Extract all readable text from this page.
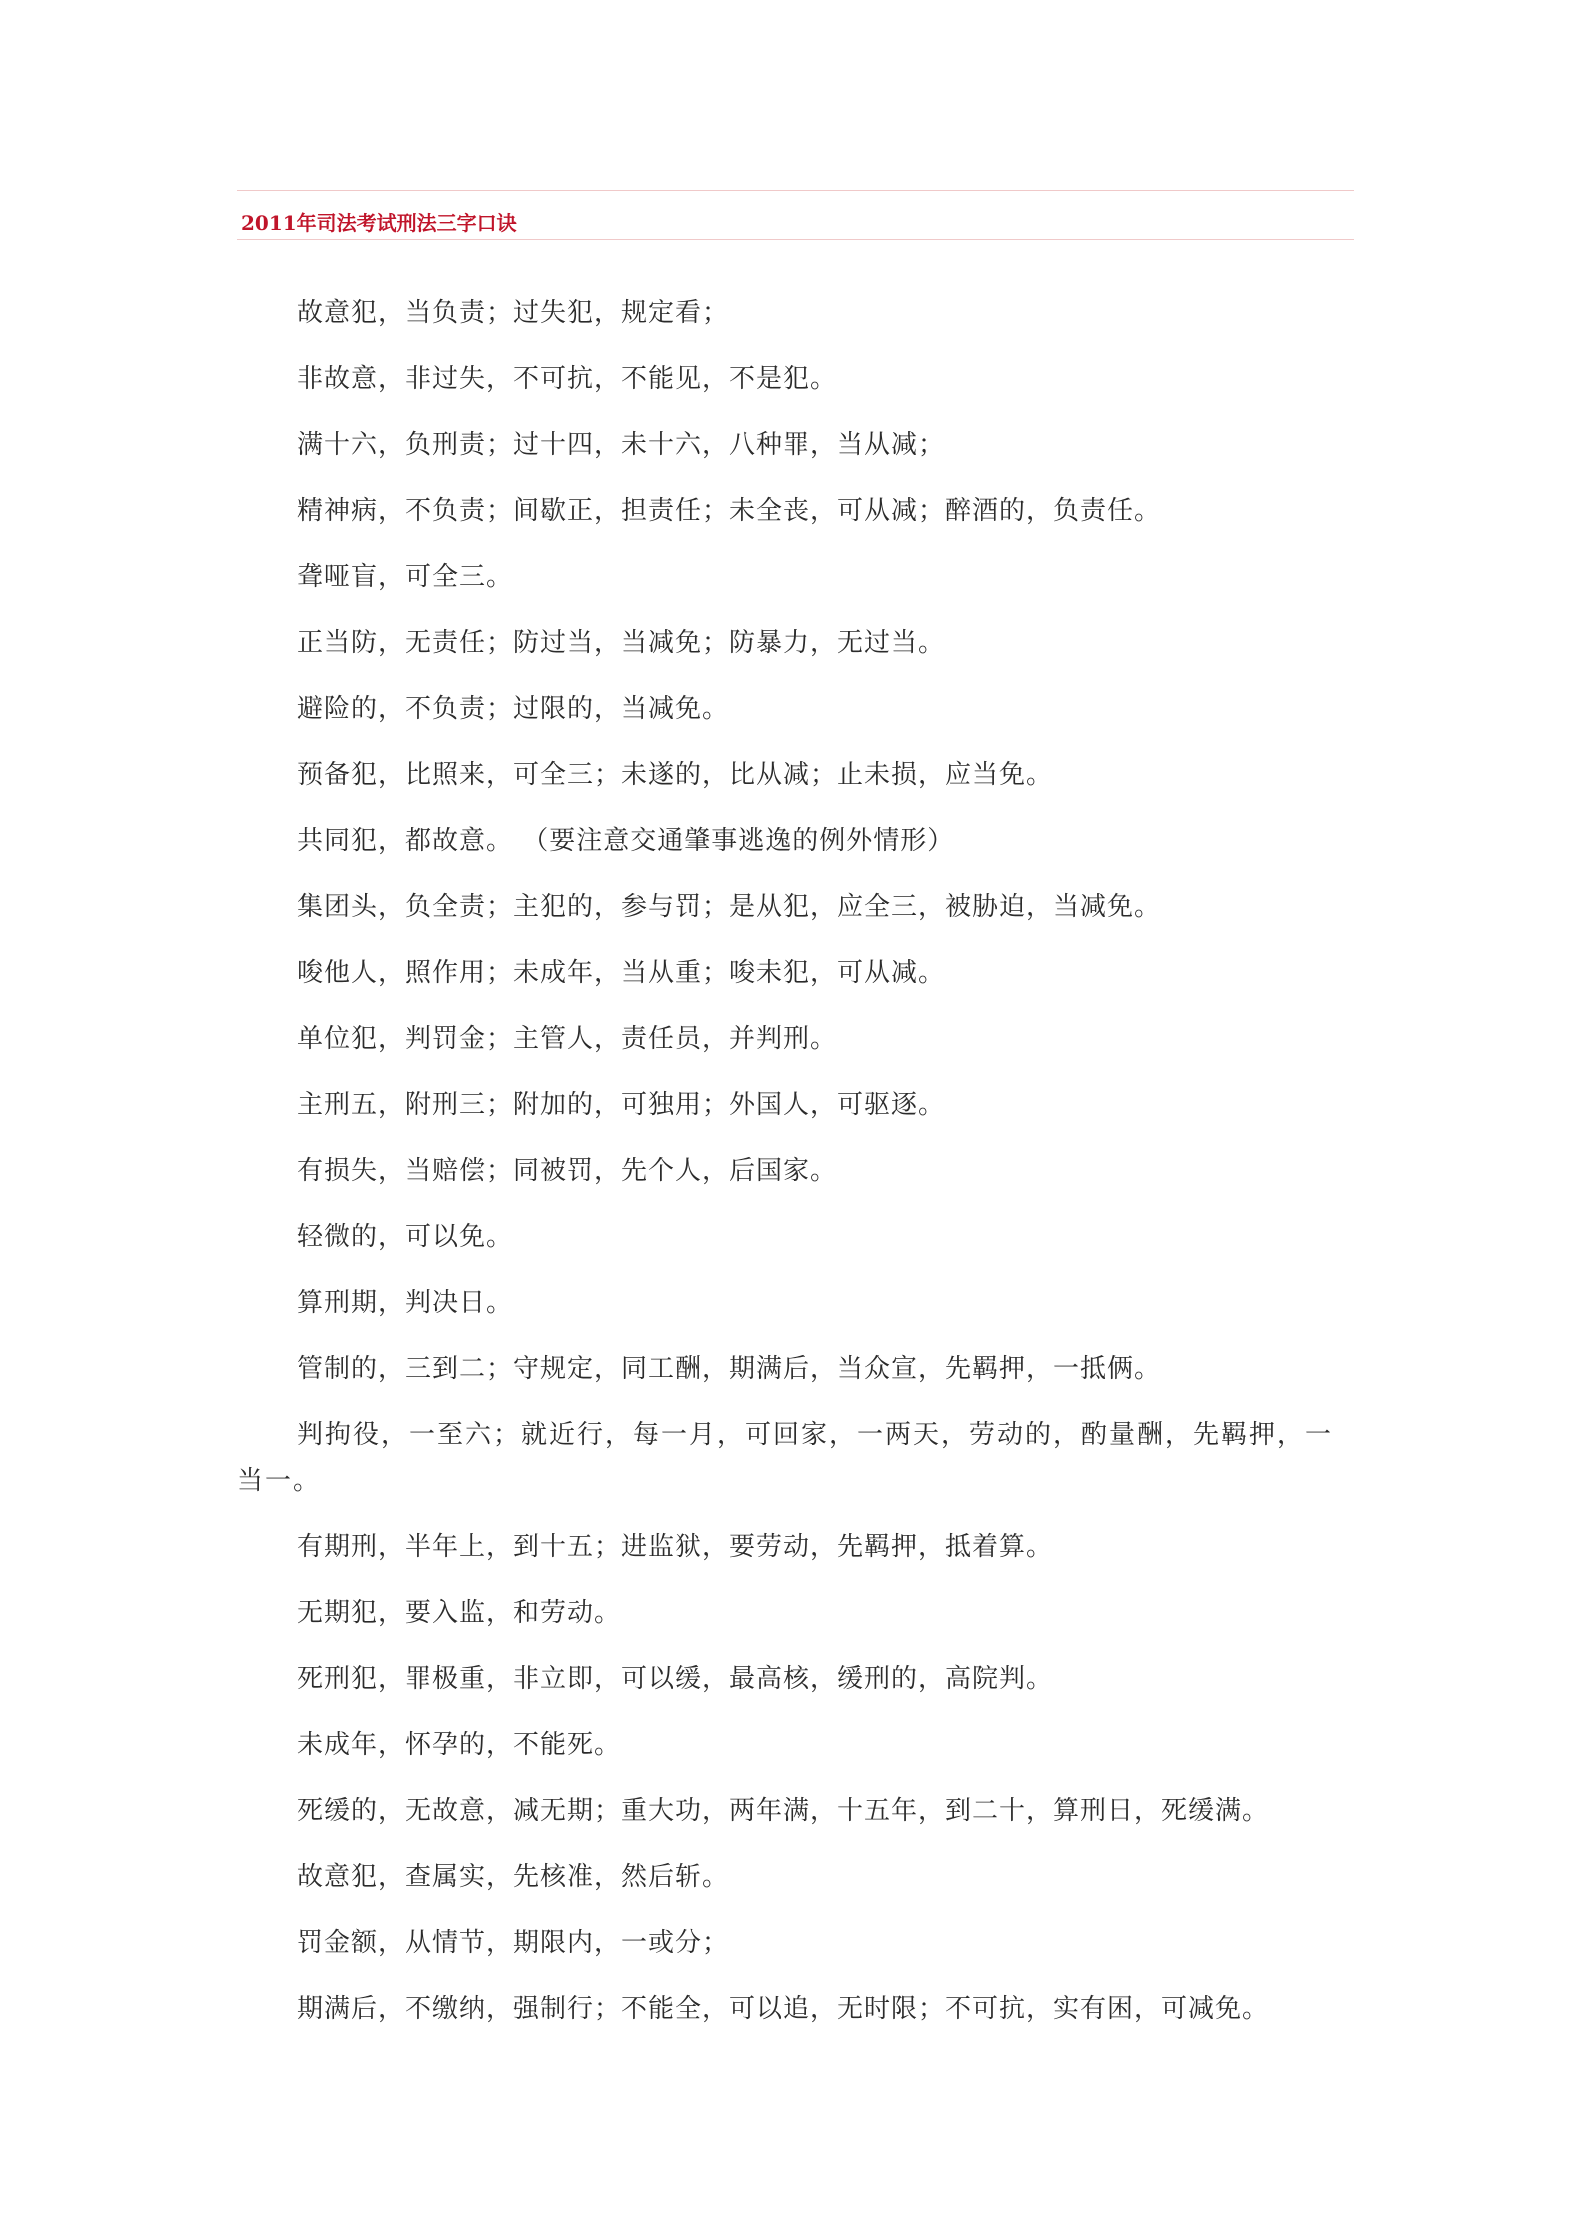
2011年司法考试刑法三字口诀
故意犯，当负责；过失犯，规定看；
非故意，非过失，不可抗，不能见，不是犯。
满十六，负刑责；过十四，未十六，八种罪，当从减；
精神病，不负责；间歇正，担责任；未全丧，可从减；醉酒的，负责任。
聋哑盲，可全三。
正当防，无责任；防过当，当减免；防暴力，无过当。
避险的，不负责；过限的，当减免。
预备犯，比照来，可全三；未遂的，比从减；止未损，应当免。
共同犯，都故意。 （要注意交通肇事逃逸的例外情形）
集团头，负全责；主犯的，参与罚；是从犯，应全三，被胁迫，当减免。
唆他人，照作用；未成年，当从重；唆未犯，可从减。
单位犯，判罚金；主管人，责任员，并判刑。
主刑五，附刑三；附加的，可独用；外国人，可驱逐。
有损失，当赔偿；同被罚，先个人，后国家。
轻微的，可以免。
算刑期，判决日。
管制的，三到二；守规定，同工酬，期满后，当众宣，先羁押，一抵俩。
判拘役，一至六；就近行，每一月，可回家，一两天，劳动的，酌量酬，先羁押，一当一。
有期刑，半年上，到十五；进监狱，要劳动，先羁押，抵着算。
无期犯，要入监，和劳动。
死刑犯，罪极重，非立即，可以缓，最高核，缓刑的，高院判。
未成年，怀孕的，不能死。
死缓的，无故意，减无期；重大功，两年满，十五年，到二十，算刑日，死缓满。
故意犯，查属实，先核准，然后斩。
罚金额，从情节，期限内，一或分；
期满后，不缴纳，强制行；不能全，可以追，无时限；不可抗，实有困，可减免。
